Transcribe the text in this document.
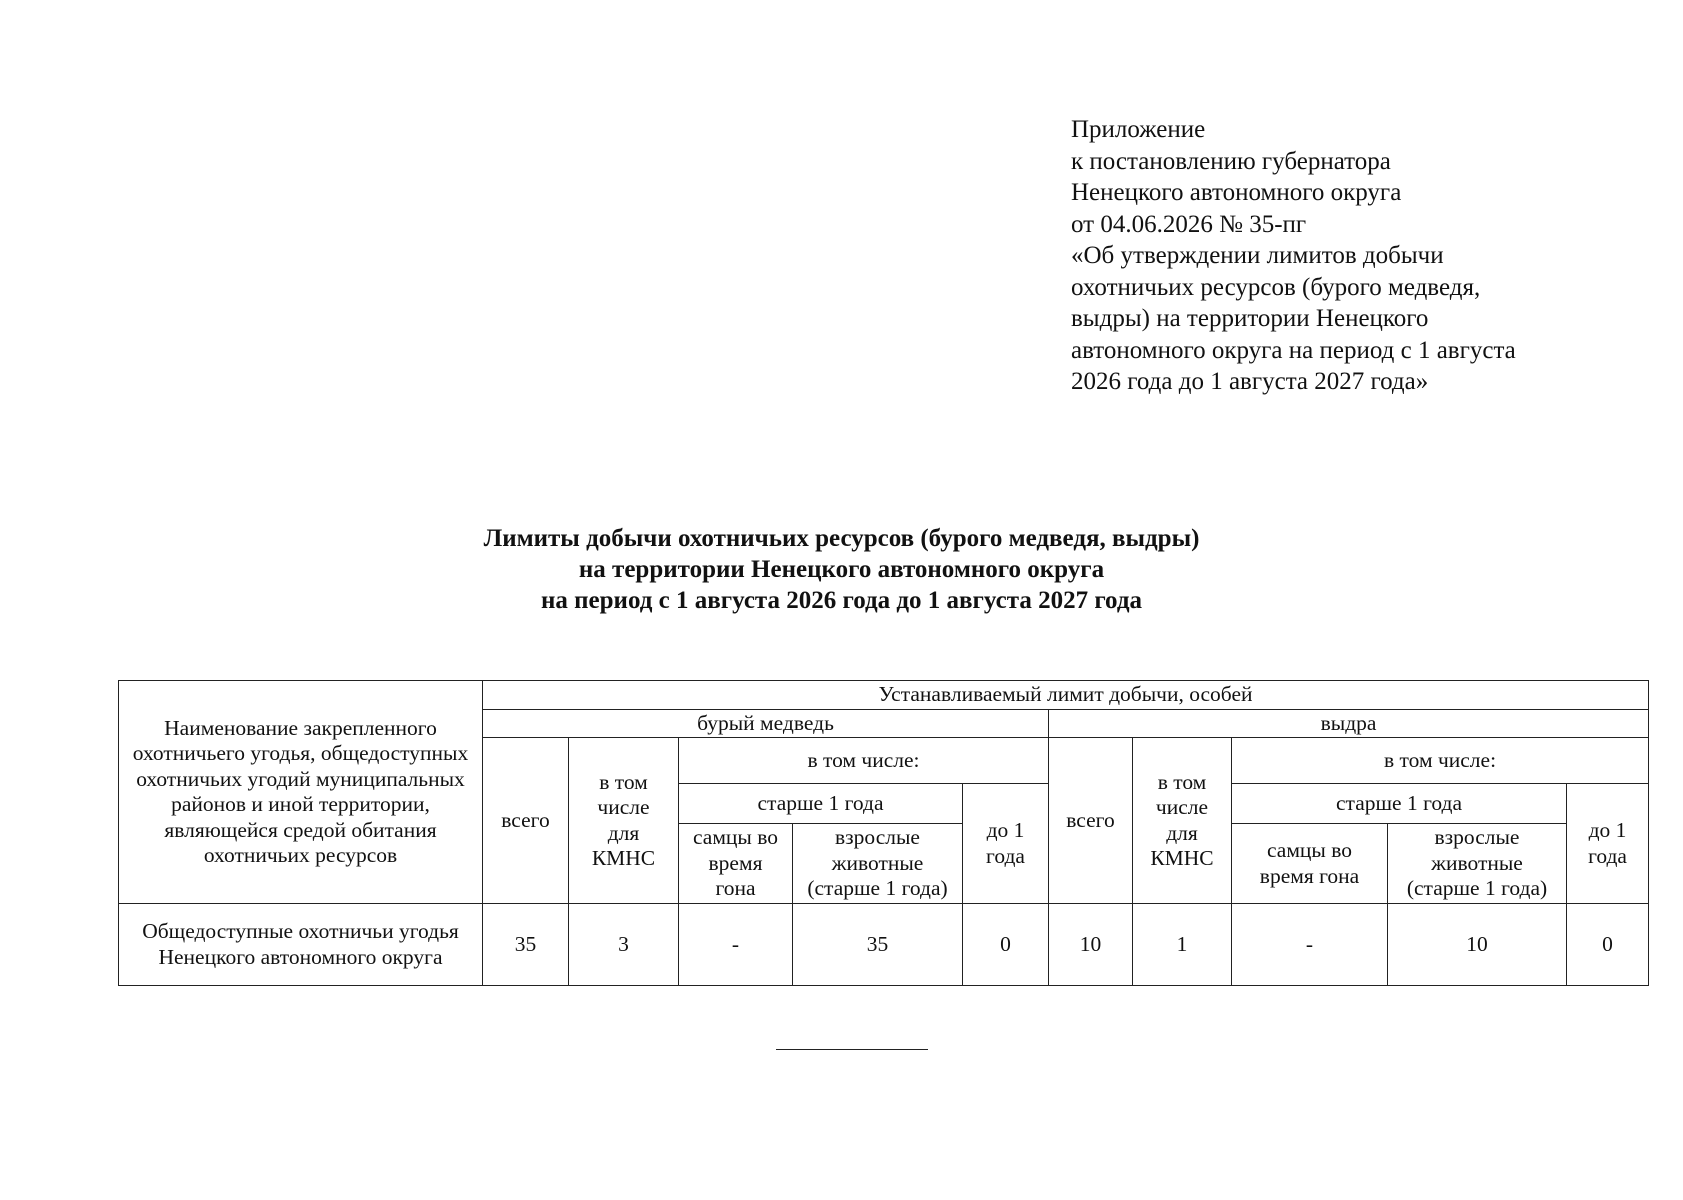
Приложение
к постановлению губернатора
Ненецкого автономного округа
от 04.06.2026 № 35-пг
«Об утверждении лимитов добычи
охотничьих ресурсов (бурого медведя,
выдры) на территории Ненецкого
автономного округа на период с 1 августа
2026 года до 1 августа 2027 года»
Лимиты добычи охотничьих ресурсов (бурого медведя, выдры)
на территории Ненецкого автономного округа
на период с 1 августа 2026 года до 1 августа 2027 года
Наименование закрепленного охотничьего угодья, общедоступных охотничьих угодий муниципальных районов и иной территории, являющейся средой обитания охотничьих ресурсов	Устанавливаемый лимит добычи, особей									
	бурый медведь					выдра				
	всего	в том числе для КМНС	в том числе:			всего	в том числе для КМНС	в том числе:		
			старше 1 года		до 1 года			старше 1 года		до 1 года
			самцы во время гона	взрослые животные (старше 1 года)				самцы во время гона	взрослые животные (старше 1 года)	

Общедоступные охотничьи угодья Ненецкого автономного округа	35	3	-	35	0	10	1	-	10	0
